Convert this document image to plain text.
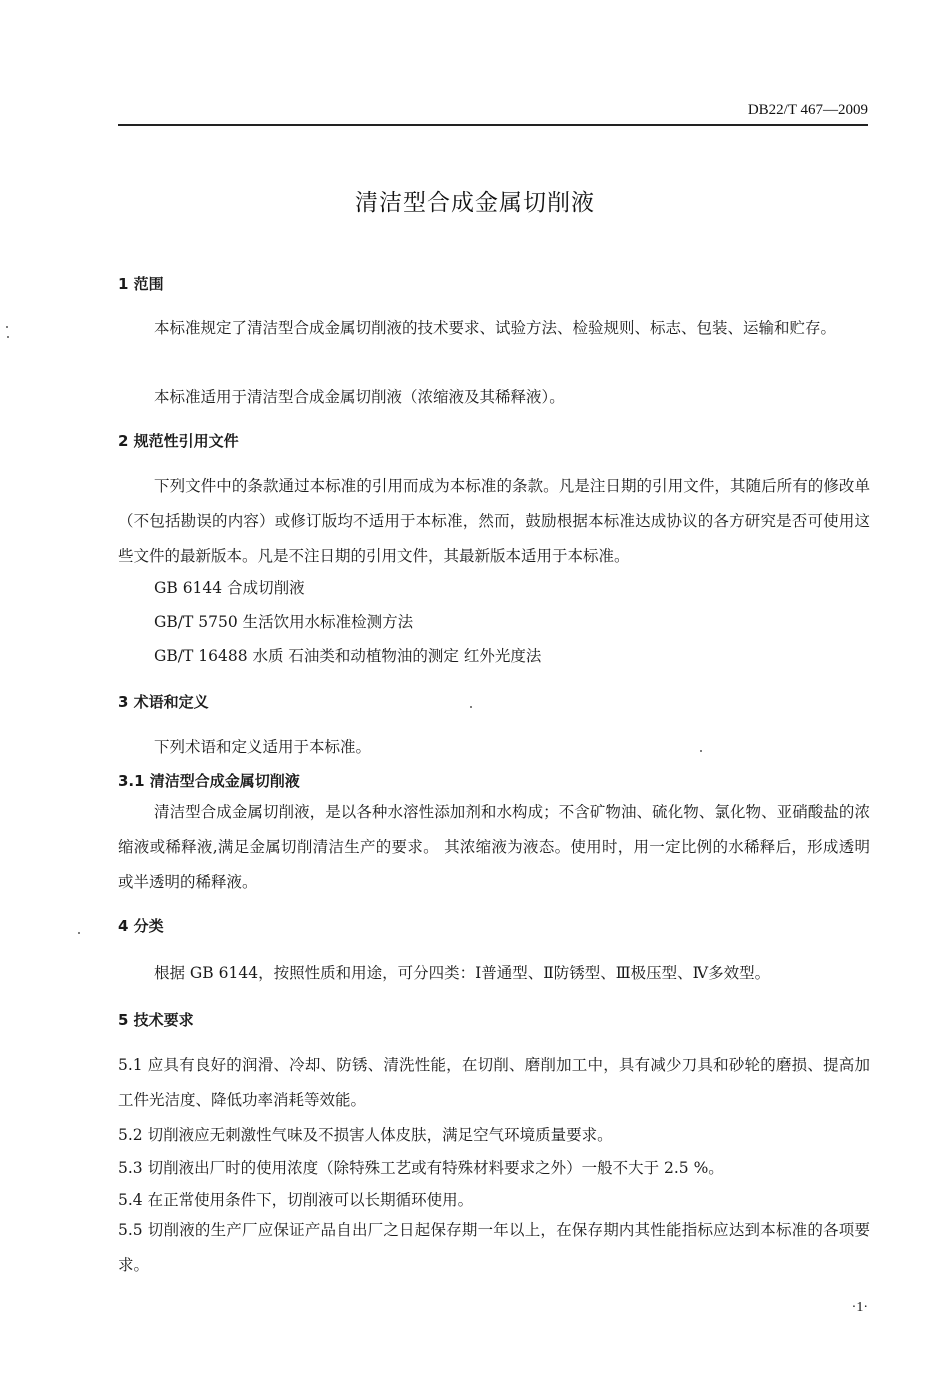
DB22/T 467—2009
清洁型合成金属切削液
1 范围
本标准规定了清洁型合成金属切削液的技术要求、试验方法、检验规则、标志、包装、运输和贮存。
本标准适用于清洁型合成金属切削液（浓缩液及其稀释液）。
2 规范性引用文件
下列文件中的条款通过本标准的引用而成为本标准的条款。凡是注日期的引用文件，其随后所有的修改单（不包括勘误的内容）或修订版均不适用于本标准，然而，鼓励根据本标准达成协议的各方研究是否可使用这些文件的最新版本。凡是不注日期的引用文件，其最新版本适用于本标准。
GB 6144 合成切削液
GB/T 5750 生活饮用水标准检测方法
GB/T 16488 水质 石油类和动植物油的测定 红外光度法
3 术语和定义
下列术语和定义适用于本标准。
3.1 清洁型合成金属切削液
清洁型合成金属切削液，是以各种水溶性添加剂和水构成；不含矿物油、硫化物、氯化物、亚硝酸盐的浓缩液或稀释液,满足金属切削清洁生产的要求。 其浓缩液为液态。使用时，用一定比例的水稀释后，形成透明或半透明的稀释液。
4 分类
根据 GB 6144，按照性质和用途，可分四类：Ⅰ普通型、Ⅱ防锈型、Ⅲ极压型、Ⅳ多效型。
5 技术要求
5.1 应具有良好的润滑、冷却、防锈、清洗性能，在切削、磨削加工中，具有减少刀具和砂轮的磨损、提高加工件光洁度、降低功率消耗等效能。
5.2 切削液应无刺激性气味及不损害人体皮肤，满足空气环境质量要求。
5.3 切削液出厂时的使用浓度（除特殊工艺或有特殊材料要求之外）一般不大于 2.5 %。
5.4 在正常使用条件下，切削液可以长期循环使用。
5.5 切削液的生产厂应保证产品自出厂之日起保存期一年以上，在保存期内其性能指标应达到本标准的各项要求。
·1·
